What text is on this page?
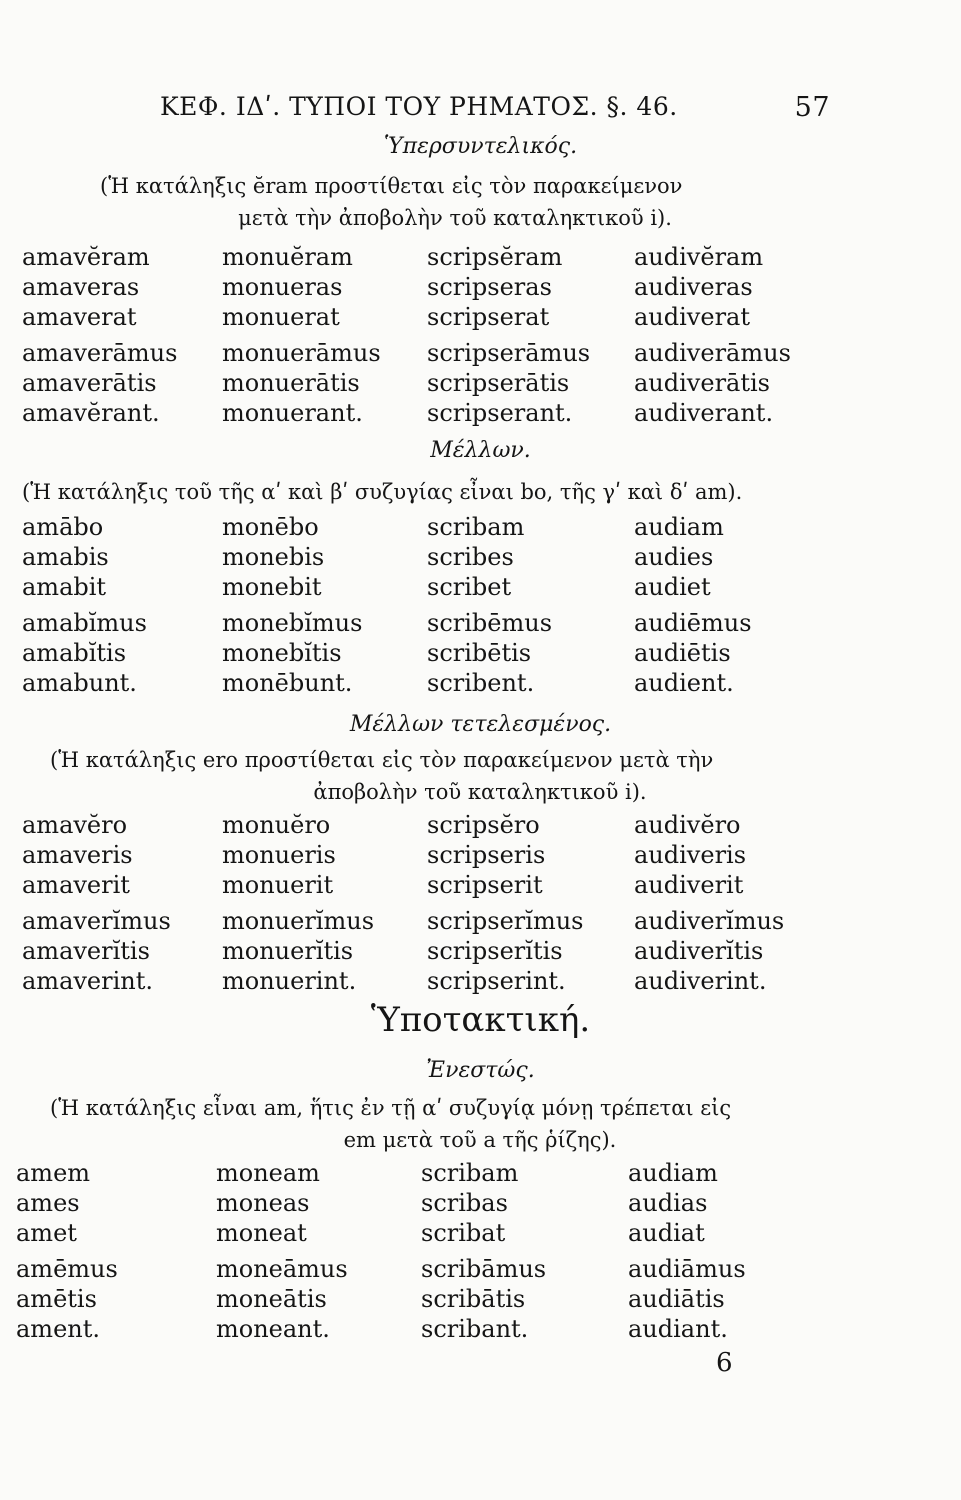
ΚΕΦ. ΙΔʹ. ΤΥΠΟΙ ΤΟΥ ΡΗΜΑΤΟΣ. §. 46.	57
Ὑπερσυντελικός.
(Ἡ κατάληξις ĕram προστίθεται εἰς τὸν παρακείμενον
μετὰ τὴν ἀποβολὴν τοῦ καταληκτικοῦ i).
amavĕram	monuĕram	scripsĕram	audivĕram
amaveras	monueras	scripseras	audiveras
amaverat	monuerat	scripserat	audiverat
amaverāmus monuerāmus scripserāmus audiverāmus
amaverātis	monuerātis	scripserātis	audiverātis
amavĕrant.	monuerant.	scripserant.	audiverant.
Μέλλων.
(Ἡ κατάληξις τοῦ τῆς αʹ καὶ βʹ συζυγίας εἶναι bo, τῆς γʹ καὶ δʹ am).
amābo	monēbo	scribam	audiam
amabis	monebis	scribes	audies
amabit	monebit	scribet	audiet
amabĭmus	monebĭmus	scribēmus	audiēmus
amabĭtis	monebĭtis	scribētis	audiētis
amabunt.	monēbunt.	scribent.	audient.
Μέλλων τετελεσμένος.
(Ἡ κατάληξις ero προστίθεται εἰς τὸν παρακείμενον μετὰ τὴν
ἀποβολὴν τοῦ καταληκτικοῦ i).
amavĕro	monuĕro	scripsĕro	audivĕro
amaveris	monueris	scripseris	audiveris
amaverit	monuerit	scripserit	audiverit
amaverĭmus monuerĭmus scripserĭmus audiverĭmus
amaverĭtis	monuerĭtis	scripserĭtis	audiverĭtis
amaverint.	monuerint.	scripserint.	audiverint.
Ὑποτακτική.
Ἐνεστώς.
(Ἡ κατάληξις εἶναι am, ἥτις ἐν τῇ αʹ συζυγίᾳ μόνῃ τρέπεται εἰς
em μετὰ τοῦ a τῆς ῥίζης).
amem	moneam	scribam	audiam
ames	moneas	scribas	audias
amet	moneat	scribat	audiat
amēmus	moneāmus	scribāmus	audiāmus
amētis	moneātis	scribātis	audiātis
ament.	moneant.	scribant.	audiant.
6
